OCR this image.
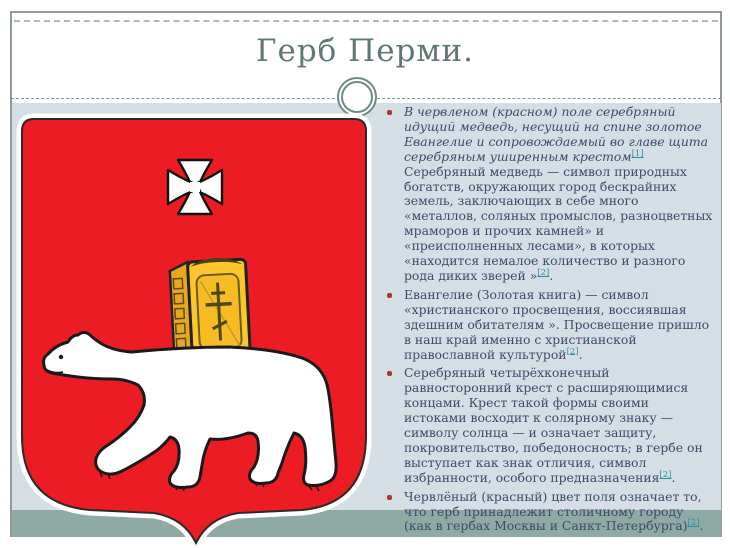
Герб Перми.
В червленом (красном) поле серебряный идущий медведь, несущий на спине золотое Евангелие и сопровождаемый во главе щита серебряным уширенным крестом[1] Серебряный медведь — символ природных богатств, окружающих город бескрайних земель, заключающих в себе много «металлов, соляных промыслов, разноцветных мраморов и прочих камней» и «преисполненных лесами», в которых «находится немалое количество и разного рода диких зверей »[2].
Евангелие (Золотая книга) — символ «христианского просвещения, воссиявшая здешним обитателям ». Просвещение пришло в наш край именно с христианской православной культурой[2].
Серебряный четырёхконечный равносторонний крест с расширяющимися концами. Крест такой формы своими истоками восходит к солярному знаку — символу солнца — и означает защиту, покровительство, победоносность; в гербе он выступает как знак отличия, символ избранности, особого предназначения[2].
Червлёный (красный) цвет поля означает то, что герб принадлежит столичному городу (как в гербах Москвы и Санкт-Петербурга)[2].
